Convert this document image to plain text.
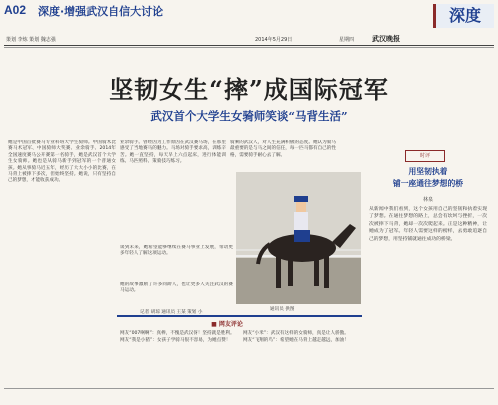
A02 深度·增强武汉自信大讨论	深度
策划 李炼 策划 魏志强	2014年5月29日	星期四	武汉晚报
坚韧女生“摔”成国际冠军
武汉首个大学生女骑师笑谈“马背生活”
她是中国首批赛马专业科班大学生骑师。中国骑术比赛马术冠军、中国骑师大奖赛、业余骑手、2014年全国速度赛马公开赛第一名骑手，她是武汉首个大学生女骑师。她也是从骑马新手到冠军的一个普通女孩。她从事骑马近五年，经历了大大小小的比赛，在马背上被摔下多次，但始终坚持。她说，只有坚持自己的梦想，才能收获成功。
业余骑手。曾经因为工作原因在武汉赛马场，在那里感受了当地赛马的魅力。马场对骑手要求高，训练辛苦。她一直坚持，每天早上六点起床，进行体能训练、马匹照料、策骑技巧练习。
骑乘的武汉人，对人生充满积极的态度。她认为骑马最重要的是与马之间的信任，每一匹马都有自己的性格，需要骑手耐心去了解。
谈到未来，她希望能够继续在赛马事业上发展，带动更多年轻人了解这项运动。
她的故事激励了许多同龄人，也让更多人关注武汉的赛马运动。
记者 胡琼 通讯员 王某 策划 小
通讯员 供图
时评
用坚韧执着
铺一座通往梦想的桥
林泉
从新闻中我们看到，这个女孩用自己的坚韧和执着实现了梦想。在通往梦想的路上，总会有坎坷与挫折，一次次被摔下马背，她却一次次爬起来。正是这种精神，让她成为了冠军。年轻人需要这样的榜样，去勇敢追逐自己的梦想，用坚持铺就通往成功的桥梁。
■ 网友评论
网友“007啊啊”：真棒，不愧是武汉伢！坚持就是胜利。
网友“我是小猪”：女孩子学骑马很不容易，为她点赞！
网友“小米”：武汉有这样的女骑师，真是让人骄傲。
网友“飞翔的鸟”：希望她在马背上越走越远，加油！
